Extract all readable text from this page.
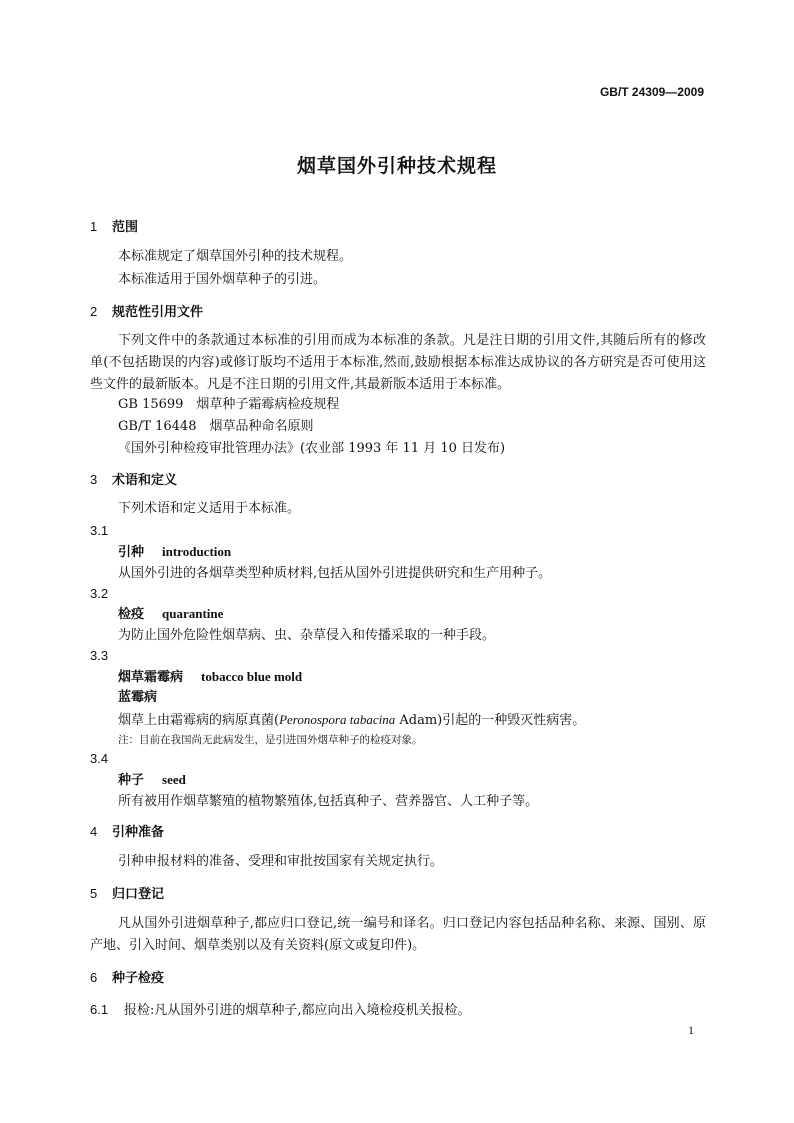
GB/T 24309—2009
烟草国外引种技术规程
1 范围
本标准规定了烟草国外引种的技术规程。
本标准适用于国外烟草种子的引进。
2 规范性引用文件
下列文件中的条款通过本标准的引用而成为本标准的条款。凡是注日期的引用文件,其随后所有的修改单(不包括勘误的内容)或修订版均不适用于本标准,然而,鼓励根据本标准达成协议的各方研究是否可使用这些文件的最新版本。凡是不注日期的引用文件,其最新版本适用于本标准。
GB 15699　烟草种子霜霉病检疫规程
GB/T 16448　烟草品种命名原则
《国外引种检疫审批管理办法》(农业部 1993 年 11 月 10 日发布)
3 术语和定义
下列术语和定义适用于本标准。
3.1
引种 introduction
从国外引进的各烟草类型种质材料,包括从国外引进提供研究和生产用种子。
3.2
检疫 quarantine
为防止国外危险性烟草病、虫、杂草侵入和传播采取的一种手段。
3.3
烟草霜霉病 tobacco blue mold
蓝霉病
烟草上由霜霉病的病原真菌(Peronospora tabacina Adam)引起的一种毁灭性病害。
注：目前在我国尚无此病发生，是引进国外烟草种子的检疫对象。
3.4
种子 seed
所有被用作烟草繁殖的植物繁殖体,包括真种子、营养器官、人工种子等。
4 引种准备
引种申报材料的准备、受理和审批按国家有关规定执行。
5 归口登记
凡从国外引进烟草种子,都应归口登记,统一编号和译名。归口登记内容包括品种名称、来源、国别、原产地、引入时间、烟草类别以及有关资料(原文或复印件)。
6 种子检疫
6.1 报检:凡从国外引进的烟草种子,都应向出入境检疫机关报检。
1
